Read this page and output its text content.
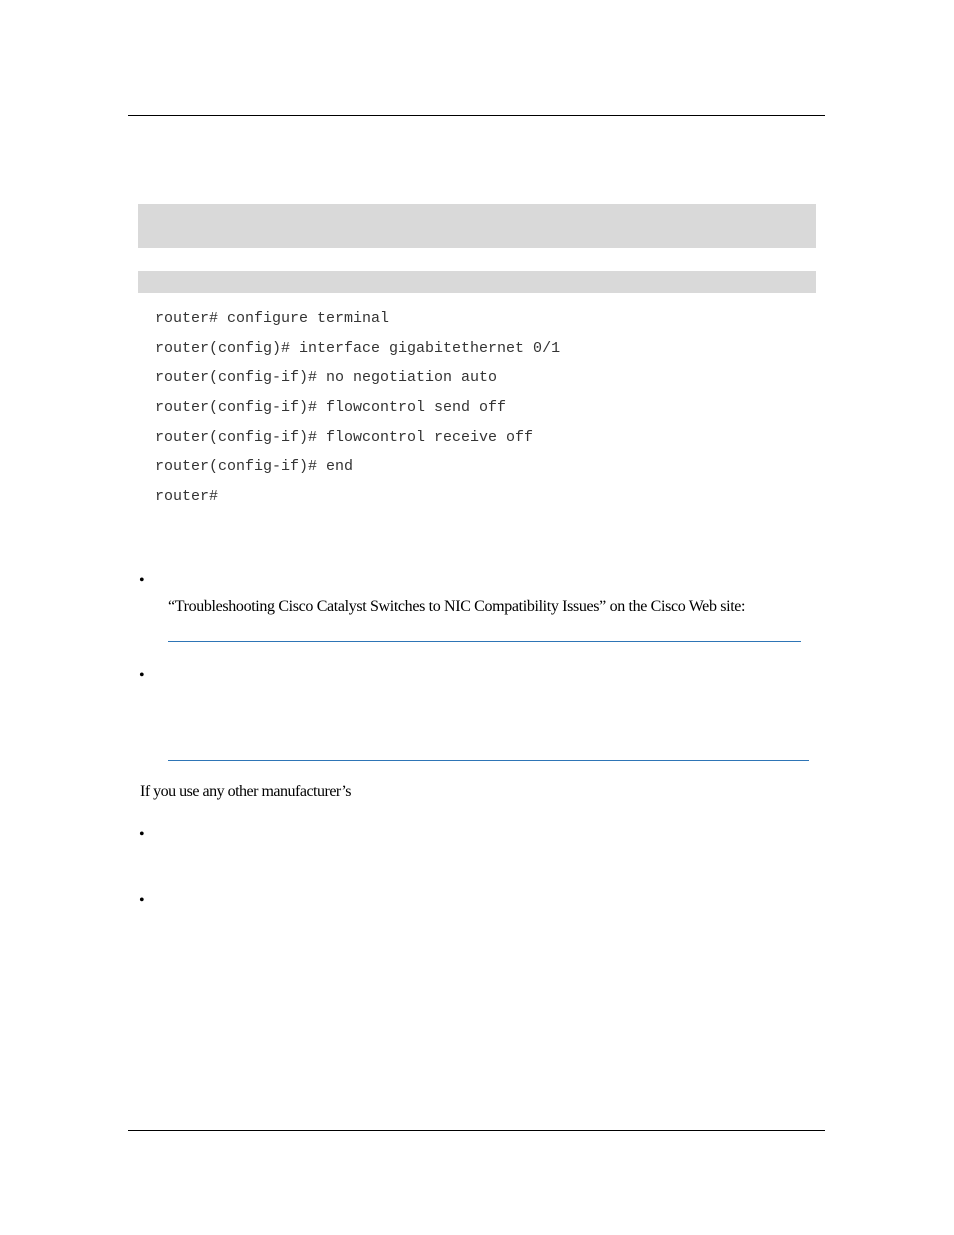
router# configure terminal
router(config)# interface gigabitethernet 0/1
router(config-if)# no negotiation auto
router(config-if)# flowcontrol send off
router(config-if)# flowcontrol receive off
router(config-if)# end
router#
•
“Troubleshooting Cisco Catalyst Switches to NIC Compatibility Issues” on the Cisco Web site:
•
If you use any other manufacturer’s
•
•
